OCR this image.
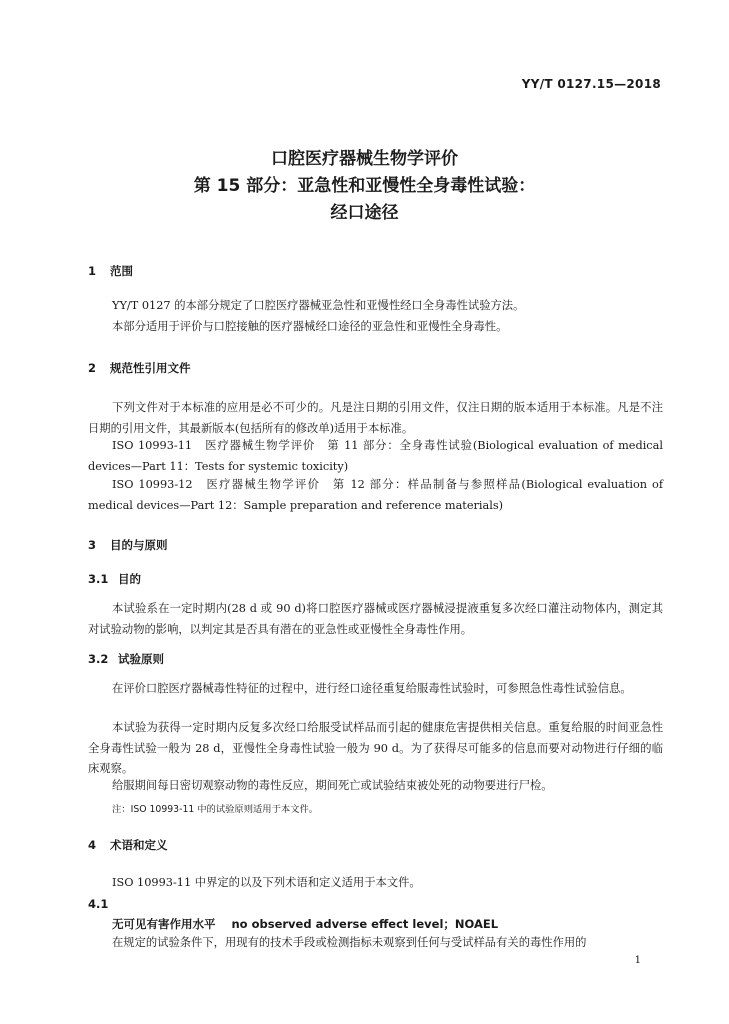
YY/T 0127.15—2018
口腔医疗器械生物学评价
第 15 部分：亚急性和亚慢性全身毒性试验：
经口途径
1 范围
YY/T 0127 的本部分规定了口腔医疗器械亚急性和亚慢性经口全身毒性试验方法。
本部分适用于评价与口腔接触的医疗器械经口途径的亚急性和亚慢性全身毒性。
2 规范性引用文件
下列文件对于本标准的应用是必不可少的。凡是注日期的引用文件，仅注日期的版本适用于本标准。凡是不注日期的引用文件，其最新版本(包括所有的修改单)适用于本标准。
ISO 10993-11　医疗器械生物学评价　第 11 部分：全身毒性试验(Biological evaluation of medical devices—Part 11：Tests for systemic toxicity)
ISO 10993-12　医疗器械生物学评价　第 12 部分：样品制备与参照样品(Biological evaluation of medical devices—Part 12：Sample preparation and reference materials)
3 目的与原则
3.1 目的
本试验系在一定时期内(28 d 或 90 d)将口腔医疗器械或医疗器械浸提液重复多次经口灌注动物体内，测定其对试验动物的影响，以判定其是否具有潜在的亚急性或亚慢性全身毒性作用。
3.2 试验原则
在评价口腔医疗器械毒性特征的过程中，进行经口途径重复给服毒性试验时，可参照急性毒性试验信息。
本试验为获得一定时期内反复多次经口给服受试样品而引起的健康危害提供相关信息。重复给服的时间亚急性全身毒性试验一般为 28 d，亚慢性全身毒性试验一般为 90 d。为了获得尽可能多的信息而要对动物进行仔细的临床观察。
给服期间每日密切观察动物的毒性反应，期间死亡或试验结束被处死的动物要进行尸检。
注：ISO 10993-11 中的试验原则适用于本文件。
4 术语和定义
ISO 10993-11 中界定的以及下列术语和定义适用于本文件。
4.1
无可见有害作用水平 no observed adverse effect level；NOAEL
在规定的试验条件下，用现有的技术手段或检测指标未观察到任何与受试样品有关的毒性作用的
1
